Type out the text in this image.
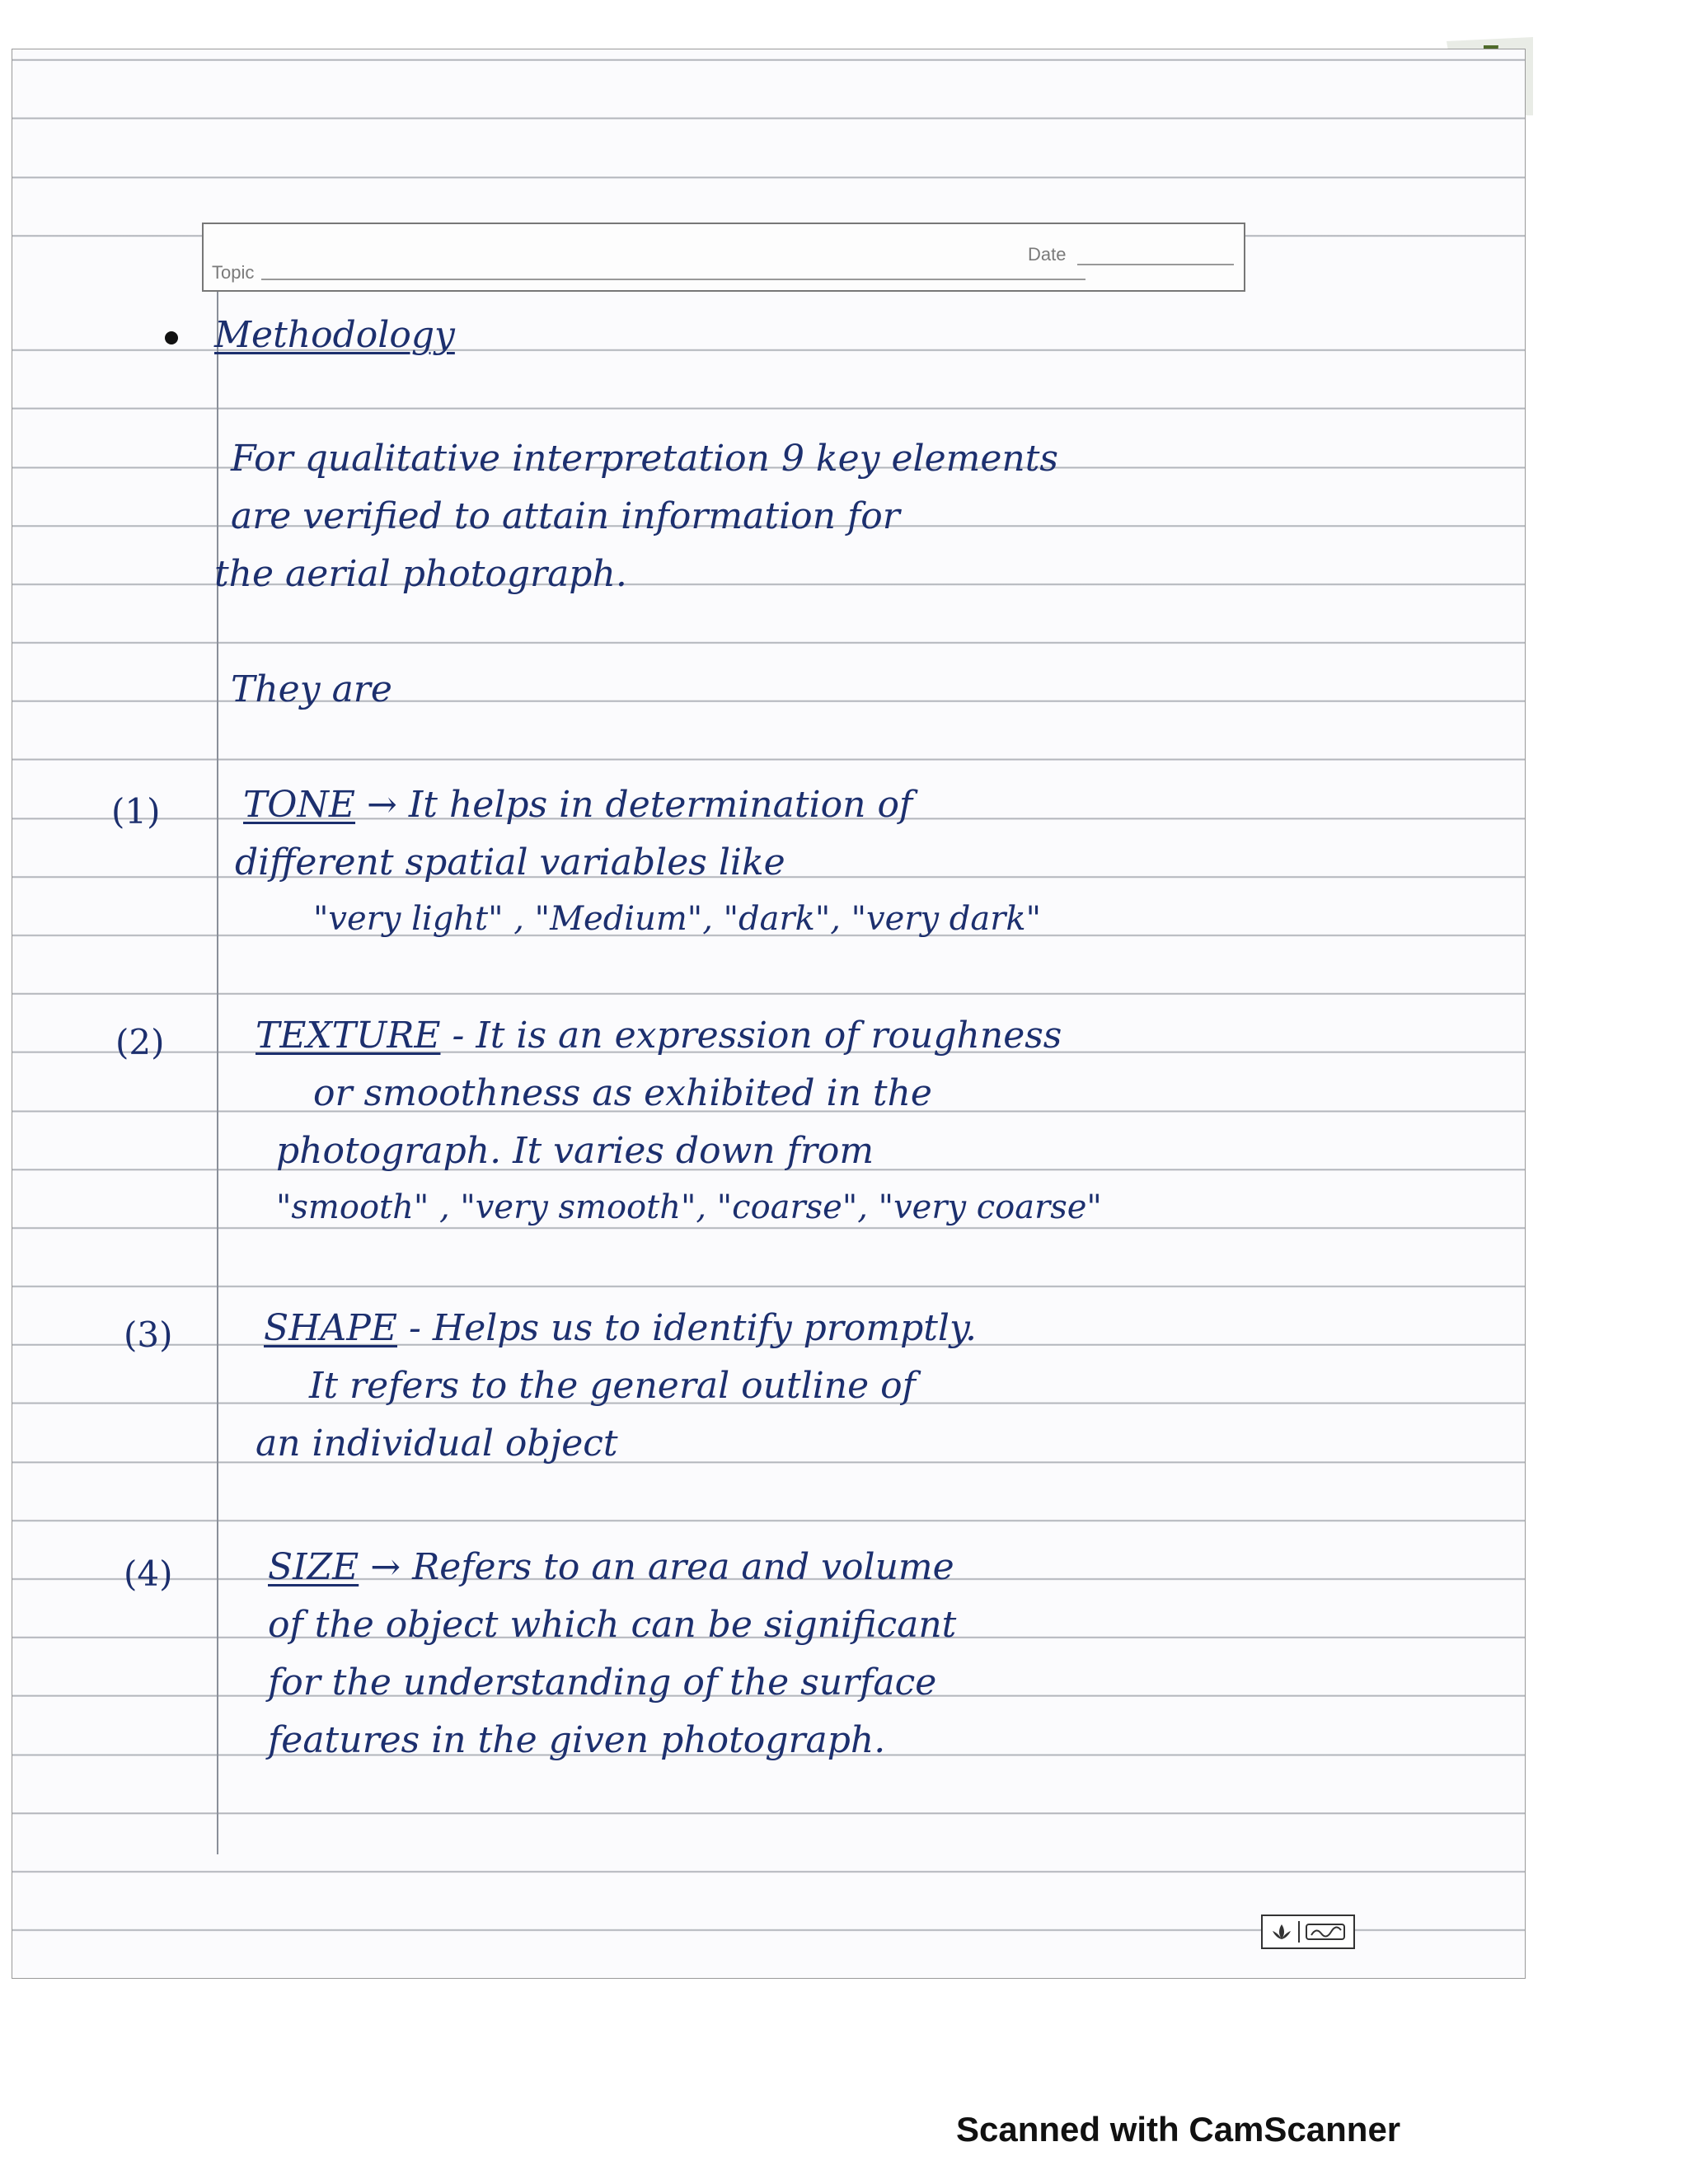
Topic
Date
Methodology
For qualitative interpretation 9 key elements
are verified to attain information for
the aerial photograph.
They are
(1) TONE → It helps in determination of
different spatial variables like
"very light" , "Medium", "dark", "very dark"
(2)	TEXTURE - It is an expression of roughness
or smoothness as exhibited in the
photograph. It varies down from
"smooth" , "very smooth", "coarse", "very coarse"
(3)	SHAPE - Helps us to identify promptly.
It refers to the general outline of
an individual object
(4)	SIZE → Refers to an area and volume
of the object which can be significant
for the understanding of the surface
features in the given photograph.
Scanned with CamScanner
